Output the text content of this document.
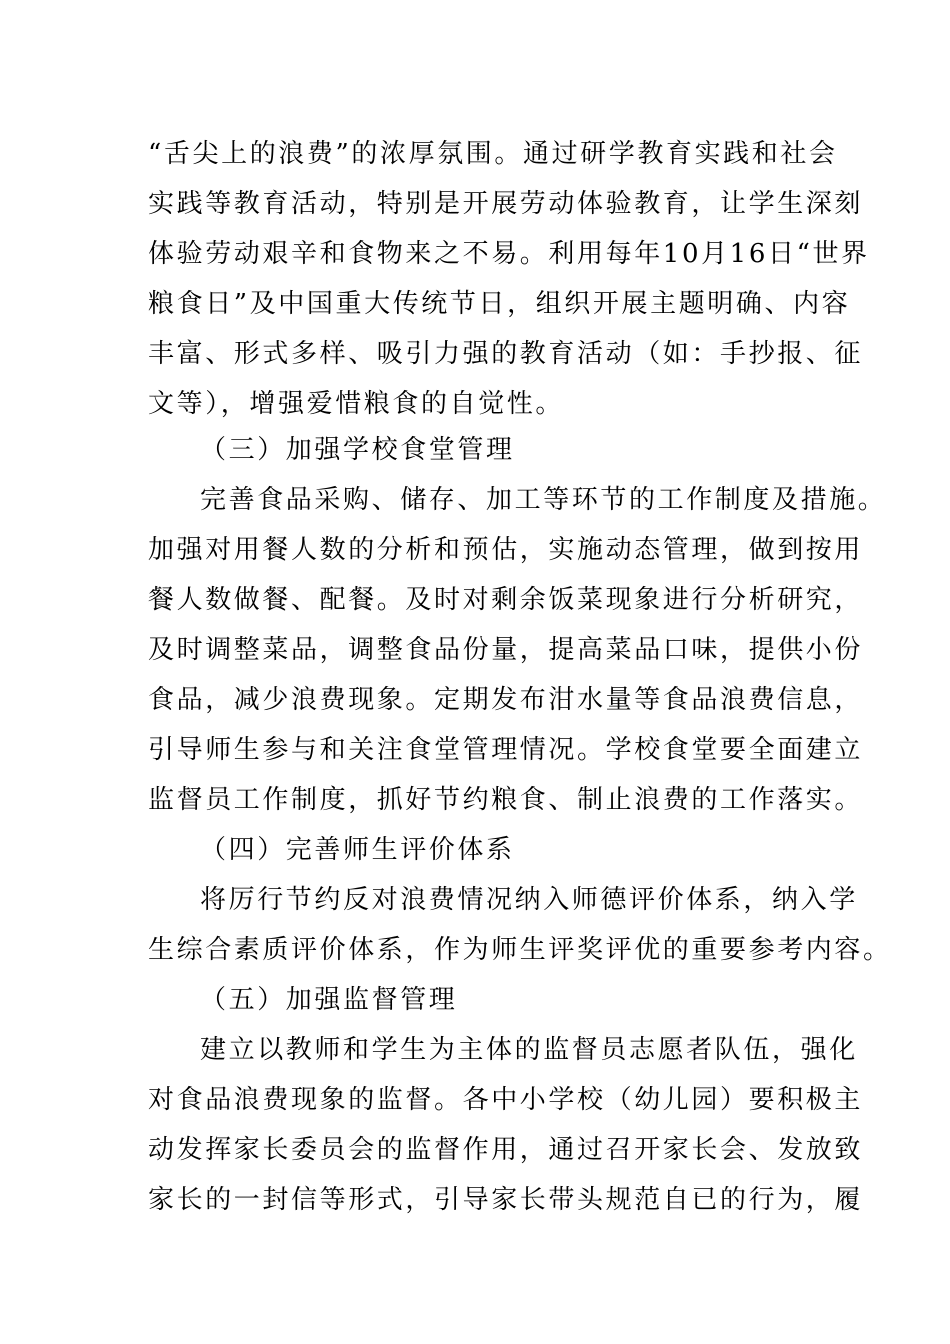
“舌尖上的浪费”的浓厚氛围。通过研学教育实践和社会
实践等教育活动，特别是开展劳动体验教育，让学生深刻
体验劳动艰辛和食物来之不易。利用每年10月16日“世界
粮食日”及中国重大传统节日，组织开展主题明确、内容
丰富、形式多样、吸引力强的教育活动（如：手抄报、征
文等），增强爱惜粮食的自觉性。
（三）加强学校食堂管理
完善食品采购、储存、加工等环节的工作制度及措施。
加强对用餐人数的分析和预估，实施动态管理，做到按用
餐人数做餐、配餐。及时对剩余饭菜现象进行分析研究，
及时调整菜品，调整食品份量，提高菜品口味，提供小份
食品，减少浪费现象。定期发布泔水量等食品浪费信息，
引导师生参与和关注食堂管理情况。学校食堂要全面建立
监督员工作制度，抓好节约粮食、制止浪费的工作落实。
（四）完善师生评价体系
将厉行节约反对浪费情况纳入师德评价体系，纳入学
生综合素质评价体系，作为师生评奖评优的重要参考内容。
（五）加强监督管理
建立以教师和学生为主体的监督员志愿者队伍，强化
对食品浪费现象的监督。各中小学校（幼儿园）要积极主
动发挥家长委员会的监督作用，通过召开家长会、发放致
家长的一封信等形式，引导家长带头规范自已的行为，履
